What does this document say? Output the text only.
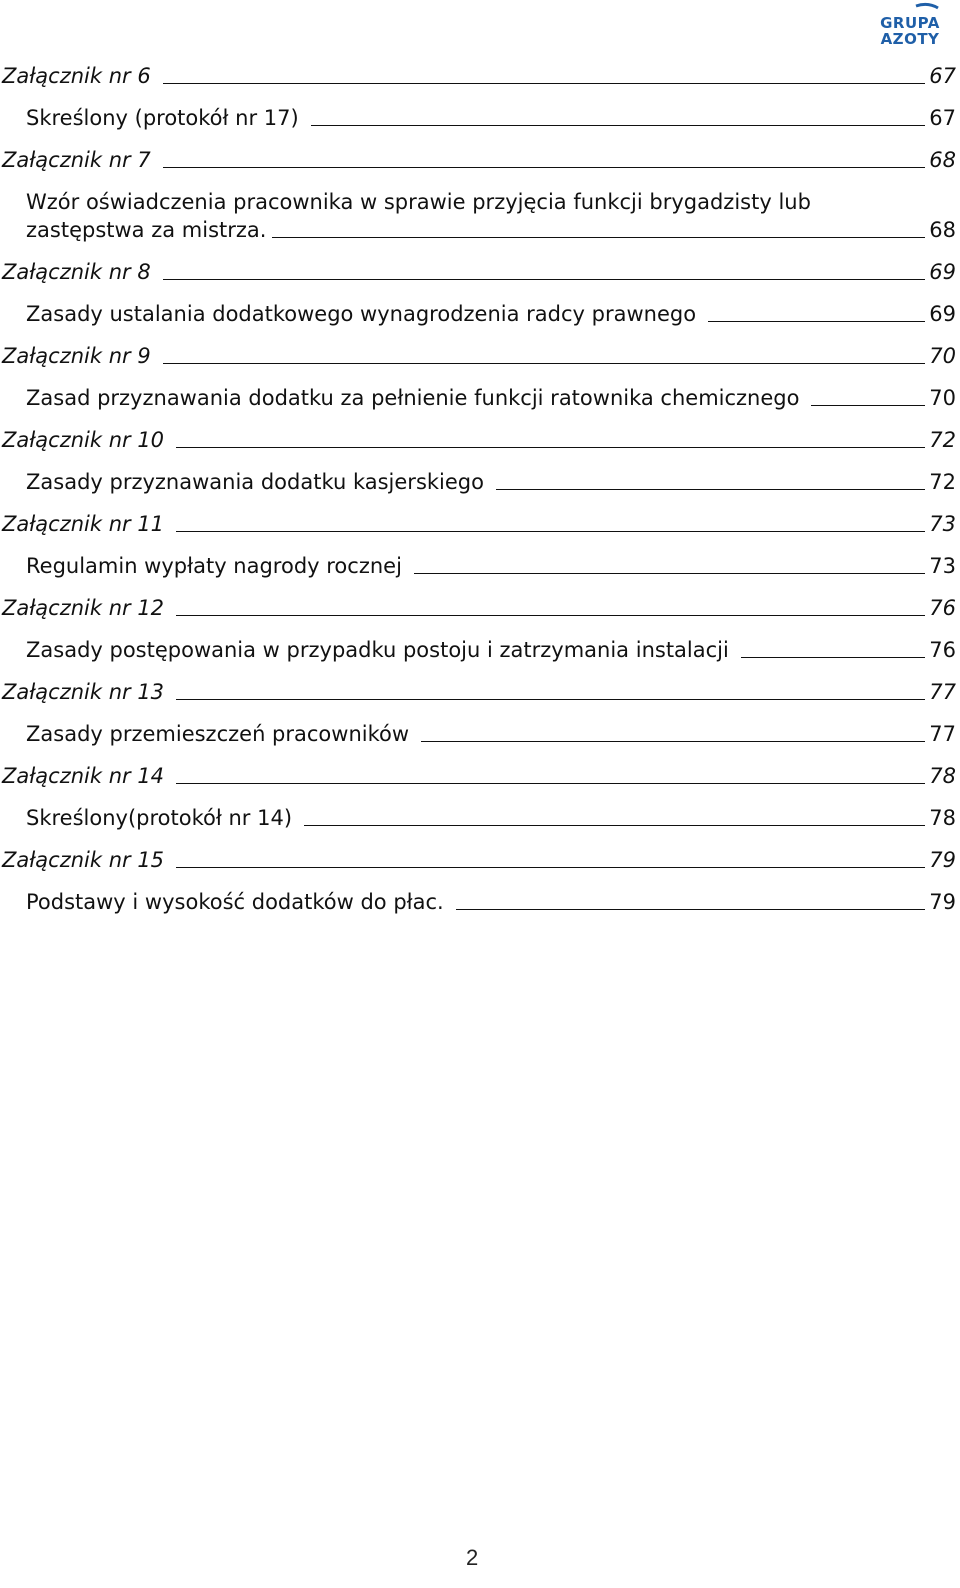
GRUPA
AZOTY
Załącznik nr 6	67
Skreślony (protokół nr 17)	67
Załącznik nr 7	68
Wzór oświadczenia pracownika w sprawie przyjęcia funkcji brygadzisty lub
zastępstwa za mistrza.	68
Załącznik nr 8	69
Zasady ustalania dodatkowego wynagrodzenia radcy prawnego	69
Załącznik nr 9	70
Zasad przyznawania dodatku za pełnienie funkcji ratownika chemicznego	70
Załącznik nr 10	72
Zasady przyznawania dodatku kasjerskiego	72
Załącznik nr 11	73
Regulamin wypłaty nagrody rocznej	73
Załącznik nr 12	76
Zasady postępowania w przypadku postoju i zatrzymania instalacji	76
Załącznik nr 13	77
Zasady przemieszczeń pracowników	77
Załącznik nr 14	78
Skreślony(protokół nr 14)	78
Załącznik nr 15	79
Podstawy i wysokość dodatków do płac.	79
2
